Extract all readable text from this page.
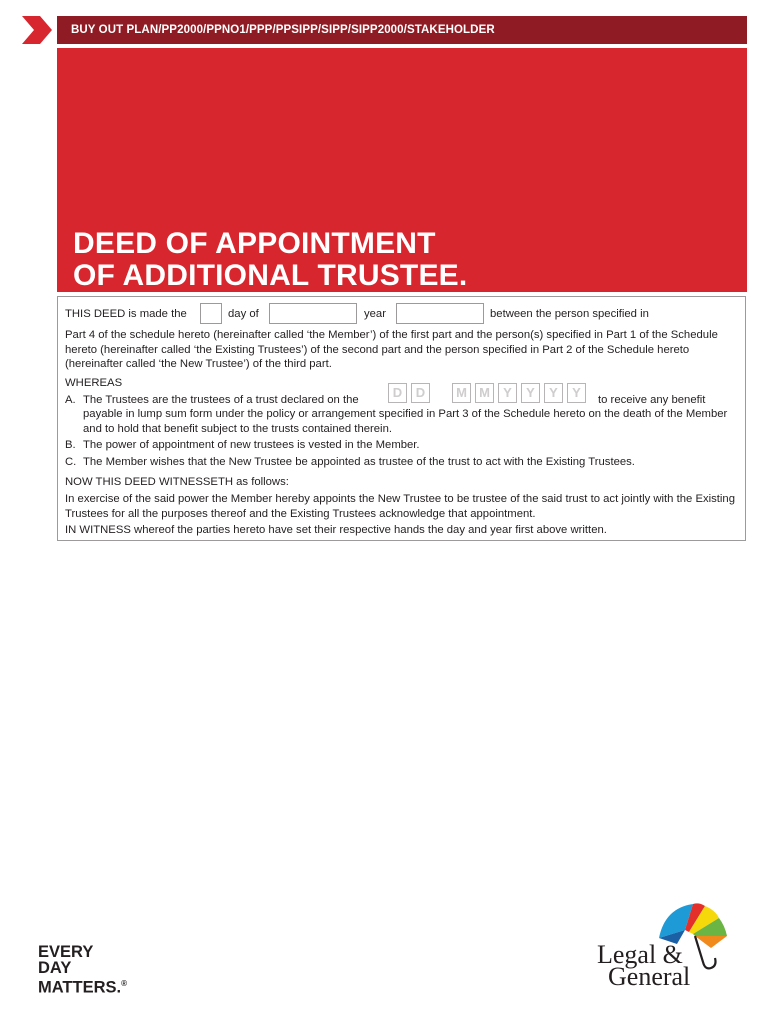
BUY OUT PLAN/PP2000/PPNO1/PPP/PPSIPP/SIPP/SIPP2000/STAKEHOLDER
DEED OF APPOINTMENT
OF ADDITIONAL TRUSTEE.
THIS DEED is made the	day of	year	between the person specified in
Part 4 of the schedule hereto (hereinafter called ‘the Member’) of the first part and the person(s) specified in Part 1 of the Schedule hereto (hereinafter called ‘the Existing Trustees’) of the second part and the person specified in Part 2 of the Schedule hereto (hereinafter called ‘the New Trustee’) of the third part.
WHEREAS
A. The Trustees are the trustees of a trust declared on the	D	D	M M	Y	Y	Y	Y	to receive any benefit
payable in lump sum form under the policy or arrangement specified in Part 3 of the Schedule hereto on the death of the Member and to hold that benefit subject to the trusts contained therein.
B. The power of appointment of new trustees is vested in the Member.
C. The Member wishes that the New Trustee be appointed as trustee of the trust to act with the Existing Trustees.
NOW THIS DEED WITNESSETH as follows:
In exercise of the said power the Member hereby appoints the New Trustee to be trustee of the said trust to act jointly with the Existing Trustees for all the purposes thereof and the Existing Trustees acknowledge that appointment.
IN WITNESS whereof the parties hereto have set their respective hands the day and year first above written.
EVERY
DAY
MATTERS.®
Legal &
General
